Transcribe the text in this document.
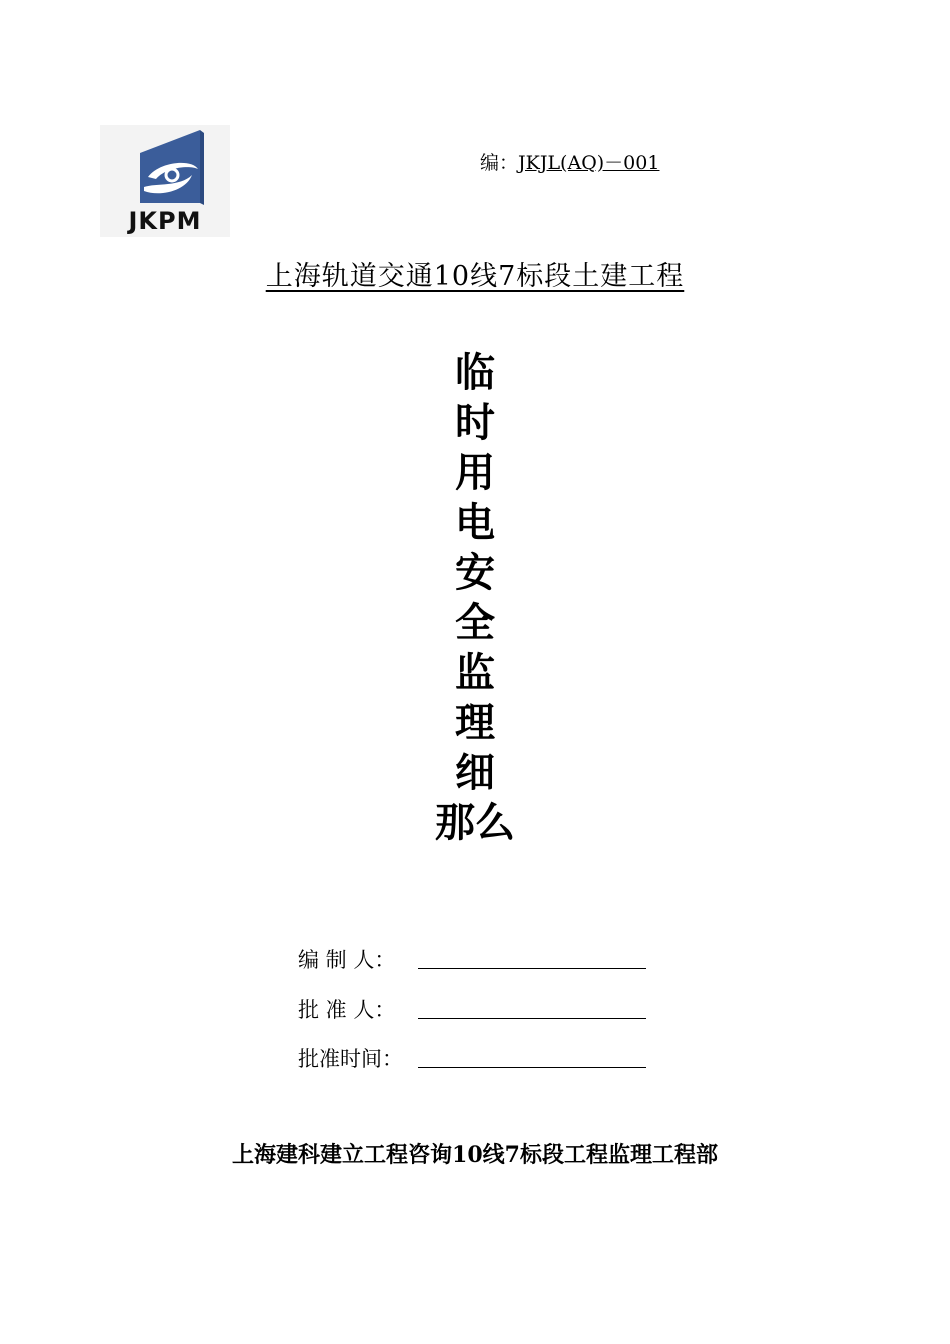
JKPM
编：JKJL(AQ)－001
上海轨道交通10线7标段土建工程
临
时
用
电
安
全
监
理
细
那么
编 制 人：
批 准 人：
批准时间：
上海建科建立工程咨询10线7标段工程监理工程部
